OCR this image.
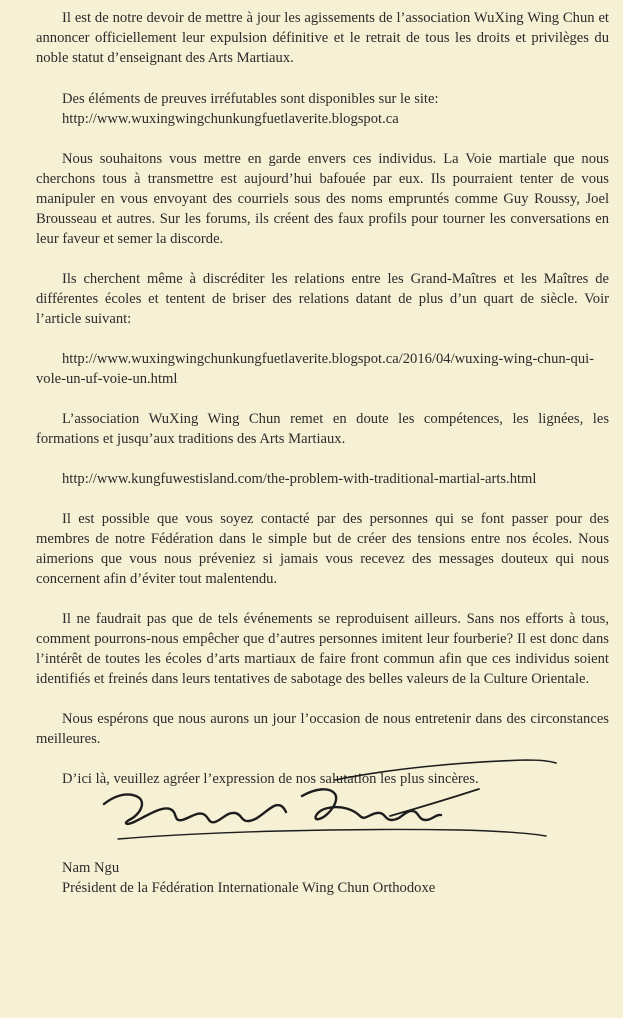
Il est de notre devoir de mettre à jour les agissements de l’association WuXing Wing Chun et annoncer officiellement leur expulsion définitive et le retrait de tous les droits et privilèges du noble statut d’enseignant des Arts Martiaux.

Des éléments de preuves irréfutables sont disponibles sur le site:

http://www.wuxingwingchunkungfuetlaverite.blogspot.ca

Nous souhaitons vous mettre en garde envers ces individus. La Voie martiale que nous cherchons tous à transmettre est aujourd’hui bafouée par eux. Ils pourraient tenter de vous manipuler en vous envoyant des courriels sous des noms empruntés comme Guy Roussy, Joel Brousseau et autres. Sur les forums, ils créent des faux profils pour tourner les conversations en leur faveur et semer la discorde.

Ils cherchent même à discréditer les relations entre les Grand-Maîtres et les Maîtres de différentes écoles et tentent de briser des relations datant de plus d’un quart de siècle. Voir l’article suivant:

http://www.wuxingwingchunkungfuetlaverite.blogspot.ca/2016/04/wuxing-wing-chun-qui-vole-un-uf-voie-un.html

L’association WuXing Wing Chun remet en doute les compétences, les lignées, les formations et jusqu’aux traditions des Arts Martiaux.

http://www.kungfuwestisland.com/the-problem-with-traditional-martial-arts.html

Il est possible que vous soyez contacté par des personnes qui se font passer pour des membres de notre Fédération dans le simple but de créer des tensions entre nos écoles. Nous aimerions que vous nous préveniez si jamais vous recevez des messages douteux qui nous concernent afin d’éviter tout malentendu.

Il ne faudrait pas que de tels événements se reproduisent ailleurs. Sans nos efforts à tous, comment pourrons-nous empêcher que d’autres personnes imitent leur fourberie? Il est donc dans l’intérêt de toutes les écoles d’arts martiaux de faire front commun afin que ces individus soient identifiés et freinés dans leurs tentatives de sabotage des belles valeurs de la Culture Orientale.

Nous espérons que nous aurons un jour l’occasion de nous entretenir dans des circonstances meilleures.

D’ici là, veuillez agréer l’expression de nos salutation les plus sincères.

Nam Ngu
Président de la Fédération Internationale Wing Chun Orthodoxe
